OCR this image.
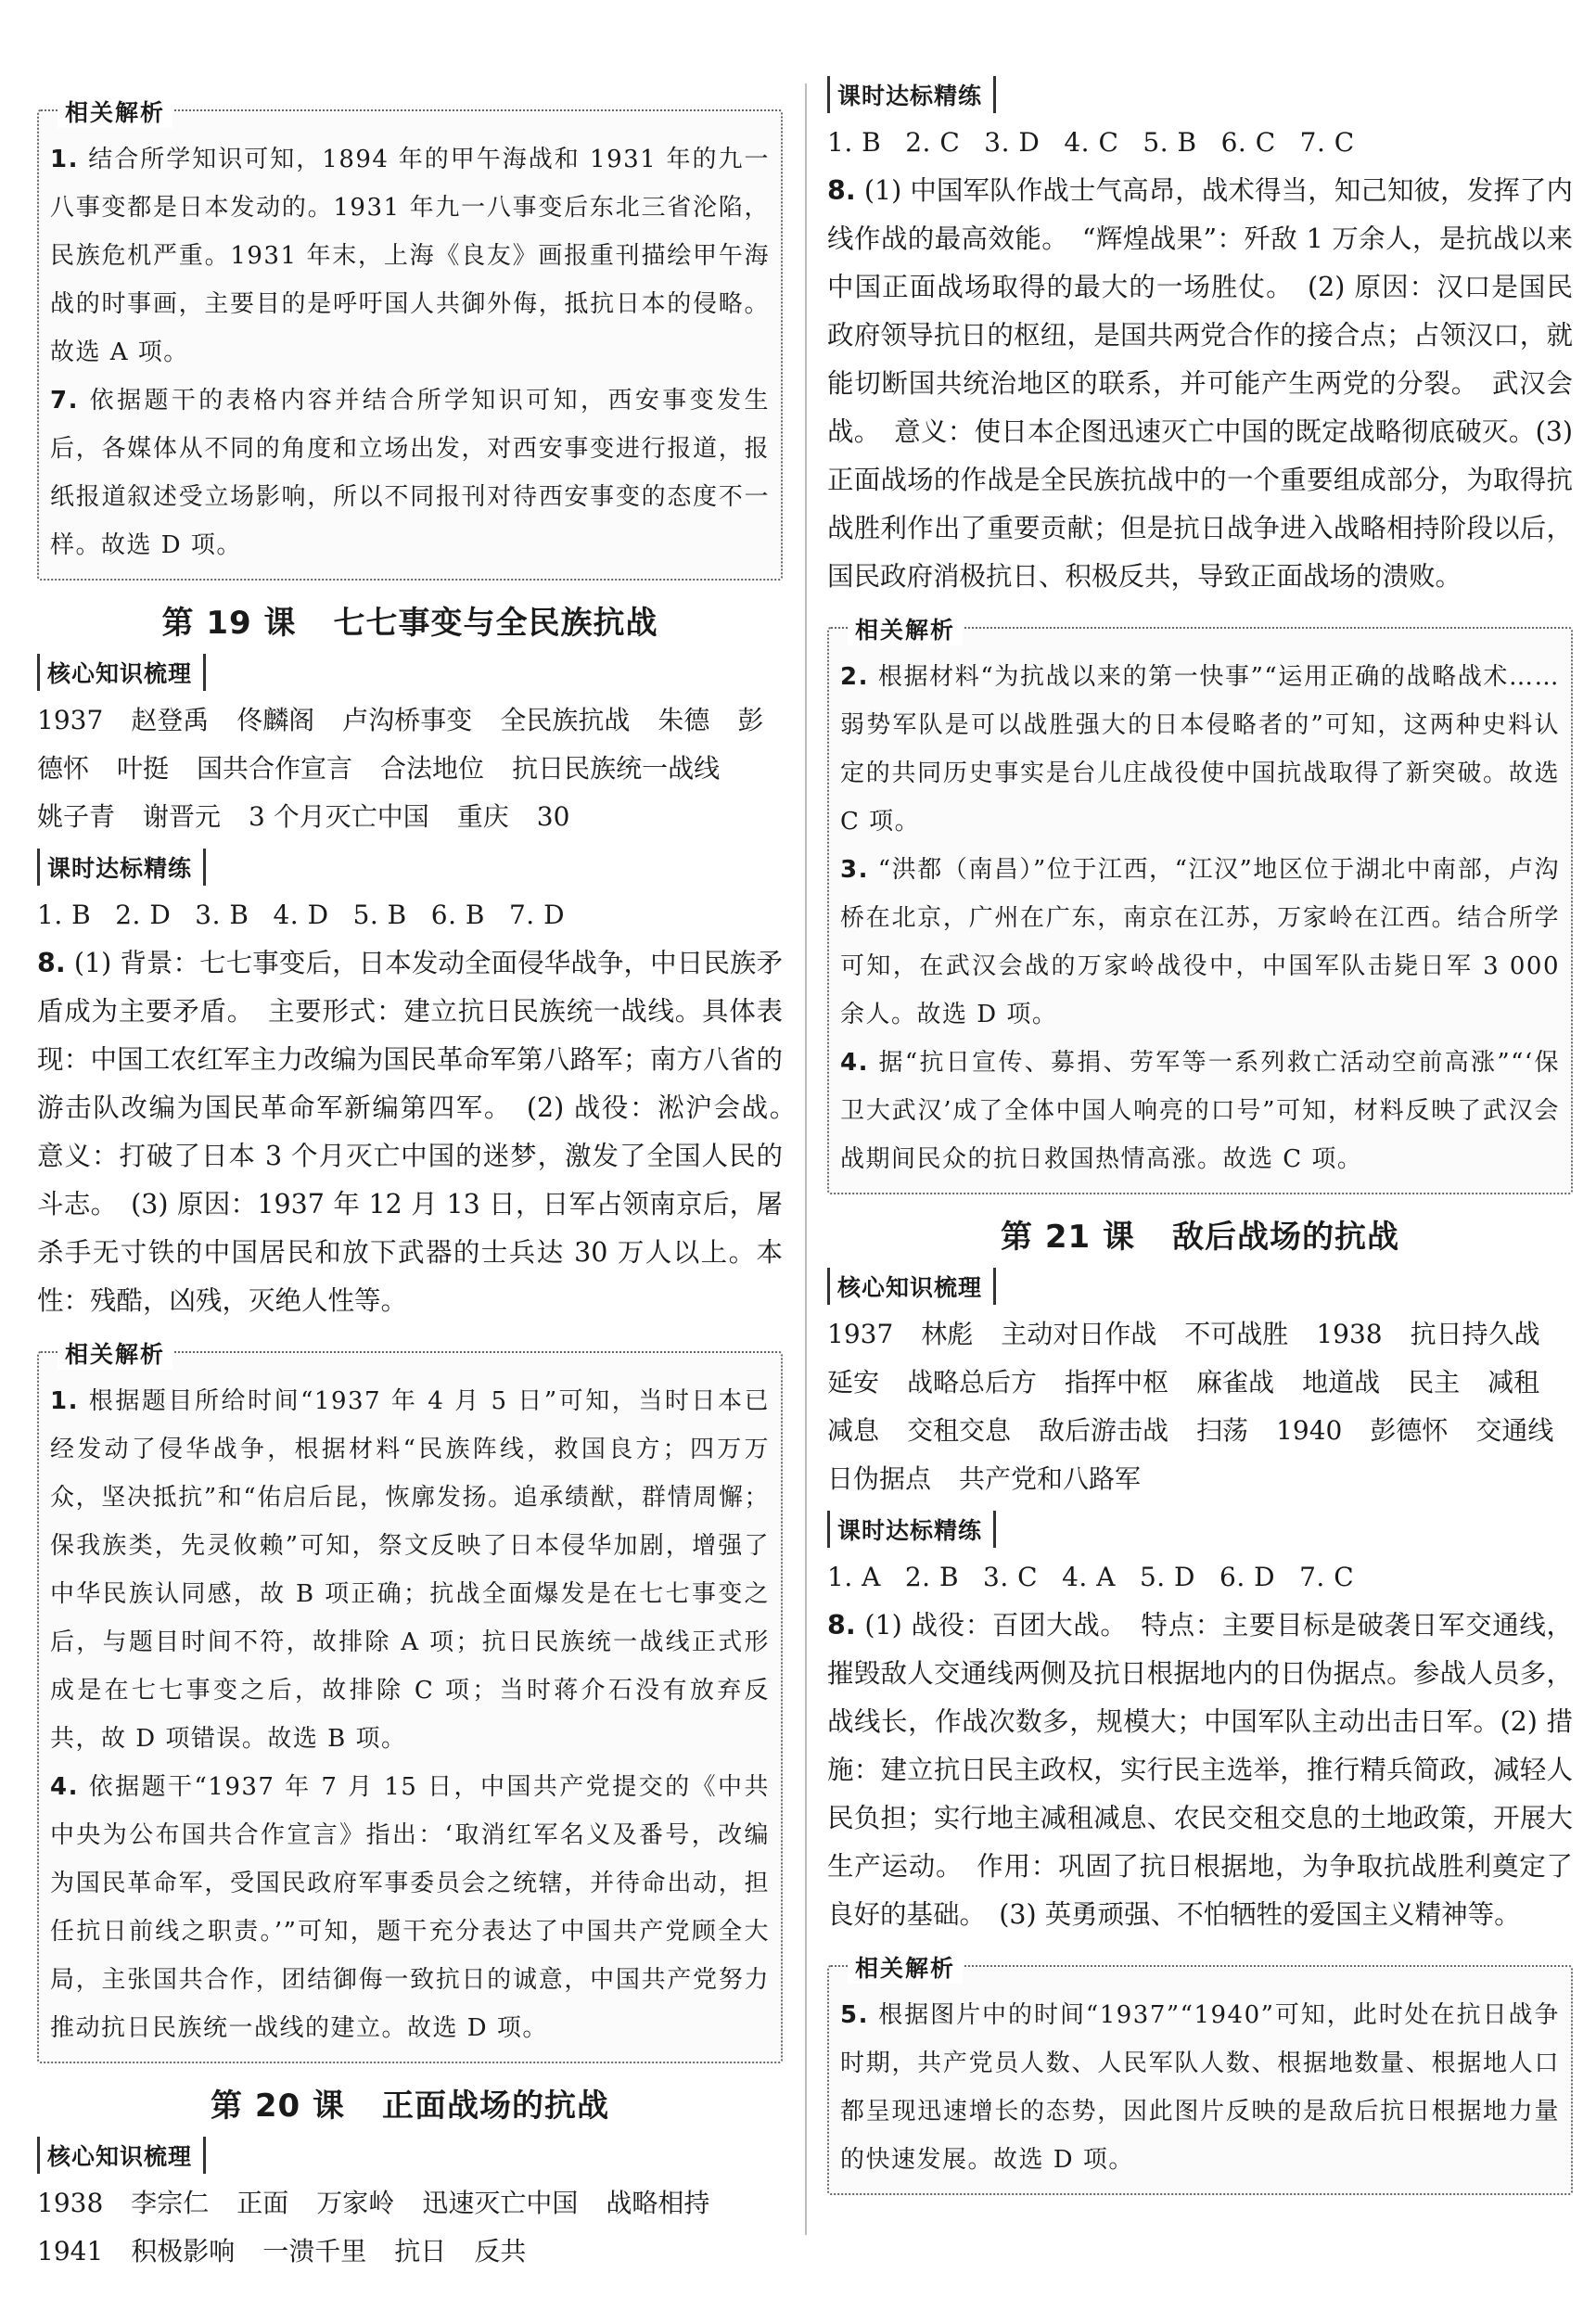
相关解析

1. 结合所学知识可知，1894 年的甲午海战和 1931 年的九一八事变都是日本发动的。1931 年九一八事变后东北三省沦陷，民族危机严重。1931 年末，上海《良友》画报重刊描绘甲午海战的时事画，主要目的是呼吁国人共御外侮，抵抗日本的侵略。故选 A 项。

7. 依据题干的表格内容并结合所学知识可知，西安事变发生后，各媒体从不同的角度和立场出发，对西安事变进行报道，报纸报道叙述受立场影响，所以不同报刊对待西安事变的态度不一样。故选 D 项。

第 19 课 七七事变与全民族抗战
核心知识梳理

1937 赵登禹 佟麟阁 卢沟桥事变 全民族抗战 朱德 彭

德怀 叶挺 国共合作宣言 合法地位 抗日民族统一战线

姚子青 谢晋元 3 个月灭亡中国 重庆 30

课时达标精练

1. B 2. D 3. B 4. D 5. B 6. B 7. D

8. (1) 背景：七七事变后，日本发动全面侵华战争，中日民族矛盾成为主要矛盾。　主要形式：建立抗日民族统一战线。具体表现：中国工农红军主力改编为国民革命军第八路军；南方八省的游击队改编为国民革命军新编第四军。　(2) 战役：淞沪会战。　意义：打破了日本 3 个月灭亡中国的迷梦，激发了全国人民的斗志。　(3) 原因：1937 年 12 月 13 日，日军占领南京后，屠杀手无寸铁的中国居民和放下武器的士兵达 30 万人以上。本性：残酷，凶残，灭绝人性等。

相关解析

1. 根据题目所给时间“1937 年 4 月 5 日”可知，当时日本已经发动了侵华战争，根据材料“民族阵线，救国良方；四万万众，坚决抵抗”和“佑启后昆，恢廓发扬。追承绩猷，群情周懈；保我族类，先灵攸赖”可知，祭文反映了日本侵华加剧，增强了中华民族认同感，故 B 项正确；抗战全面爆发是在七七事变之后，与题目时间不符，故排除 A 项；抗日民族统一战线正式形成是在七七事变之后，故排除 C 项；当时蒋介石没有放弃反共，故 D 项错误。故选 B 项。

4. 依据题干“1937 年 7 月 15 日，中国共产党提交的《中共中央为公布国共合作宣言》指出：‘取消红军名义及番号，改编为国民革命军，受国民政府军事委员会之统辖，并待命出动，担任抗日前线之职责。’”可知，题干充分表达了中国共产党顾全大局，主张国共合作，团结御侮一致抗日的诚意，中国共产党努力推动抗日民族统一战线的建立。故选 D 项。

第 20 课 正面战场的抗战
核心知识梳理

1938 李宗仁 正面 万家岭 迅速灭亡中国 战略相持

1941 积极影响 一溃千里 抗日 反共

课时达标精练

1. B 2. C 3. D 4. C 5. B 6. C 7. C

8. (1) 中国军队作战士气高昂，战术得当，知己知彼，发挥了内线作战的最高效能。　“辉煌战果”：歼敌 1 万余人，是抗战以来中国正面战场取得的最大的一场胜仗。　(2) 原因：汉口是国民政府领导抗日的枢纽，是国共两党合作的接合点；占领汉口，就能切断国共统治地区的联系，并可能产生两党的分裂。　武汉会战。　意义：使日本企图迅速灭亡中国的既定战略彻底破灭。(3) 正面战场的作战是全民族抗战中的一个重要组成部分，为取得抗战胜利作出了重要贡献；但是抗日战争进入战略相持阶段以后，国民政府消极抗日、积极反共，导致正面战场的溃败。

相关解析

2. 根据材料“为抗战以来的第一快事”“运用正确的战略战术……弱势军队是可以战胜强大的日本侵略者的”可知，这两种史料认定的共同历史事实是台儿庄战役使中国抗战取得了新突破。故选 C 项。

3. “洪都（南昌）”位于江西，“江汉”地区位于湖北中南部，卢沟桥在北京，广州在广东，南京在江苏，万家岭在江西。结合所学可知，在武汉会战的万家岭战役中，中国军队击毙日军 3 000 余人。故选 D 项。

4. 据“抗日宣传、募捐、劳军等一系列救亡活动空前高涨”“‘保卫大武汉’成了全体中国人响亮的口号”可知，材料反映了武汉会战期间民众的抗日救国热情高涨。故选 C 项。

第 21 课 敌后战场的抗战
核心知识梳理

1937 林彪 主动对日作战 不可战胜 1938 抗日持久战

延安 战略总后方 指挥中枢 麻雀战 地道战 民主 减租

减息 交租交息 敌后游击战 扫荡 1940 彭德怀 交通线

日伪据点 共产党和八路军

课时达标精练

1. A 2. B 3. C 4. A 5. D 6. D 7. C

8. (1) 战役：百团大战。　特点：主要目标是破袭日军交通线，摧毁敌人交通线两侧及抗日根据地内的日伪据点。参战人员多，战线长，作战次数多，规模大；中国军队主动出击日军。(2) 措施：建立抗日民主政权，实行民主选举，推行精兵简政，减轻人民负担；实行地主减租减息、农民交租交息的土地政策，开展大生产运动。　作用：巩固了抗日根据地，为争取抗战胜利奠定了良好的基础。　(3) 英勇顽强、不怕牺牲的爱国主义精神等。

相关解析

5. 根据图片中的时间“1937”“1940”可知，此时处在抗日战争时期，共产党员人数、人民军队人数、根据地数量、根据地人口都呈现迅速增长的态势，因此图片反映的是敌后抗日根据地力量的快速发展。故选 D 项。
